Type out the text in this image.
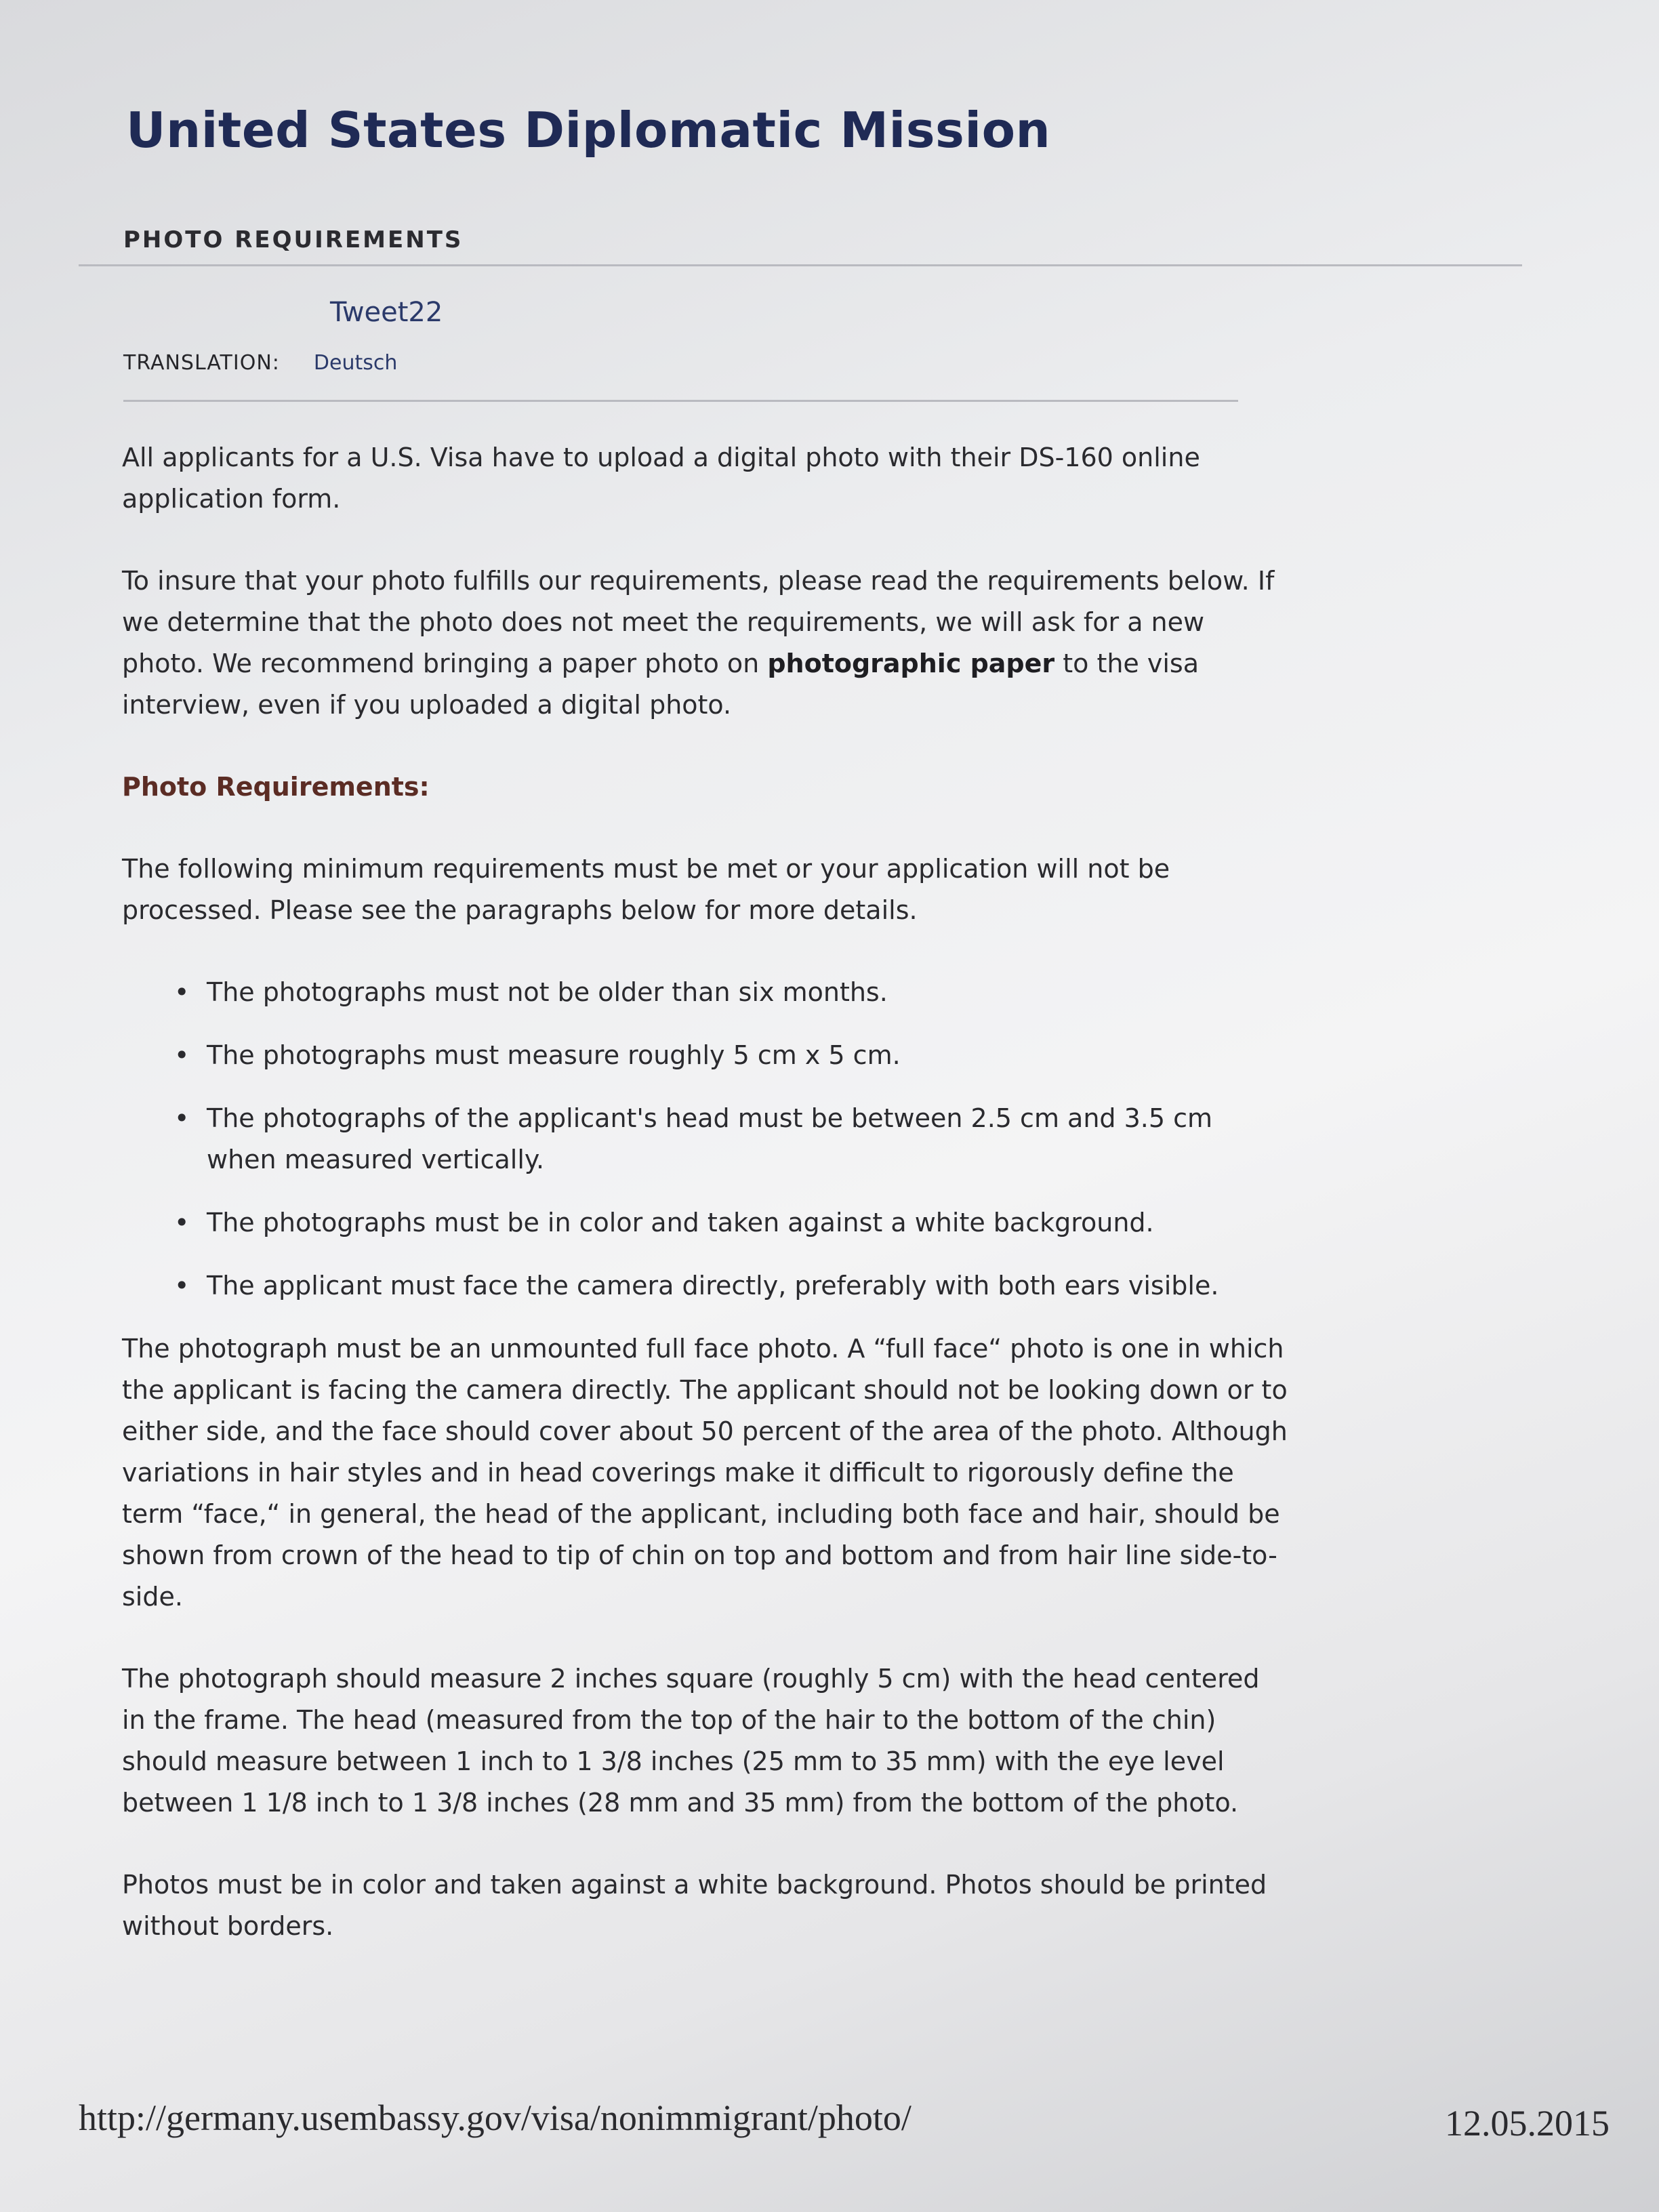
United States Diplomatic Mission
PHOTO REQUIREMENTS
Tweet22
TRANSLATION: Deutsch

All applicants for a U.S. Visa have to upload a digital photo with their DS-160 online application form.

To insure that your photo fulfills our requirements, please read the requirements below. If we determine that the photo does not meet the requirements, we will ask for a new photo. We recommend bringing a paper photo on photographic paper to the visa interview, even if you uploaded a digital photo.

Photo Requirements:

The following minimum requirements must be met or your application will not be processed. Please see the paragraphs below for more details.

• The photographs must not be older than six months.
• The photographs must measure roughly 5 cm x 5 cm.
• The photographs of the applicant's head must be between 2.5 cm and 3.5 cm when measured vertically.
• The photographs must be in color and taken against a white background.
• The applicant must face the camera directly, preferably with both ears visible.

The photograph must be an unmounted full face photo. A “full face“ photo is one in which the applicant is facing the camera directly. The applicant should not be looking down or to either side, and the face should cover about 50 percent of the area of the photo. Although variations in hair styles and in head coverings make it difficult to rigorously define the term “face,“ in general, the head of the applicant, including both face and hair, should be shown from crown of the head to tip of chin on top and bottom and from hair line side-to-side.

The photograph should measure 2 inches square (roughly 5 cm) with the head centered in the frame. The head (measured from the top of the hair to the bottom of the chin) should measure between 1 inch to 1 3/8 inches (25 mm to 35 mm) with the eye level between 1 1/8 inch to 1 3/8 inches (28 mm and 35 mm) from the bottom of the photo.

Photos must be in color and taken against a white background. Photos should be printed without borders.

http://germany.usembassy.gov/visa/nonimmigrant/photo/	12.05.2015
